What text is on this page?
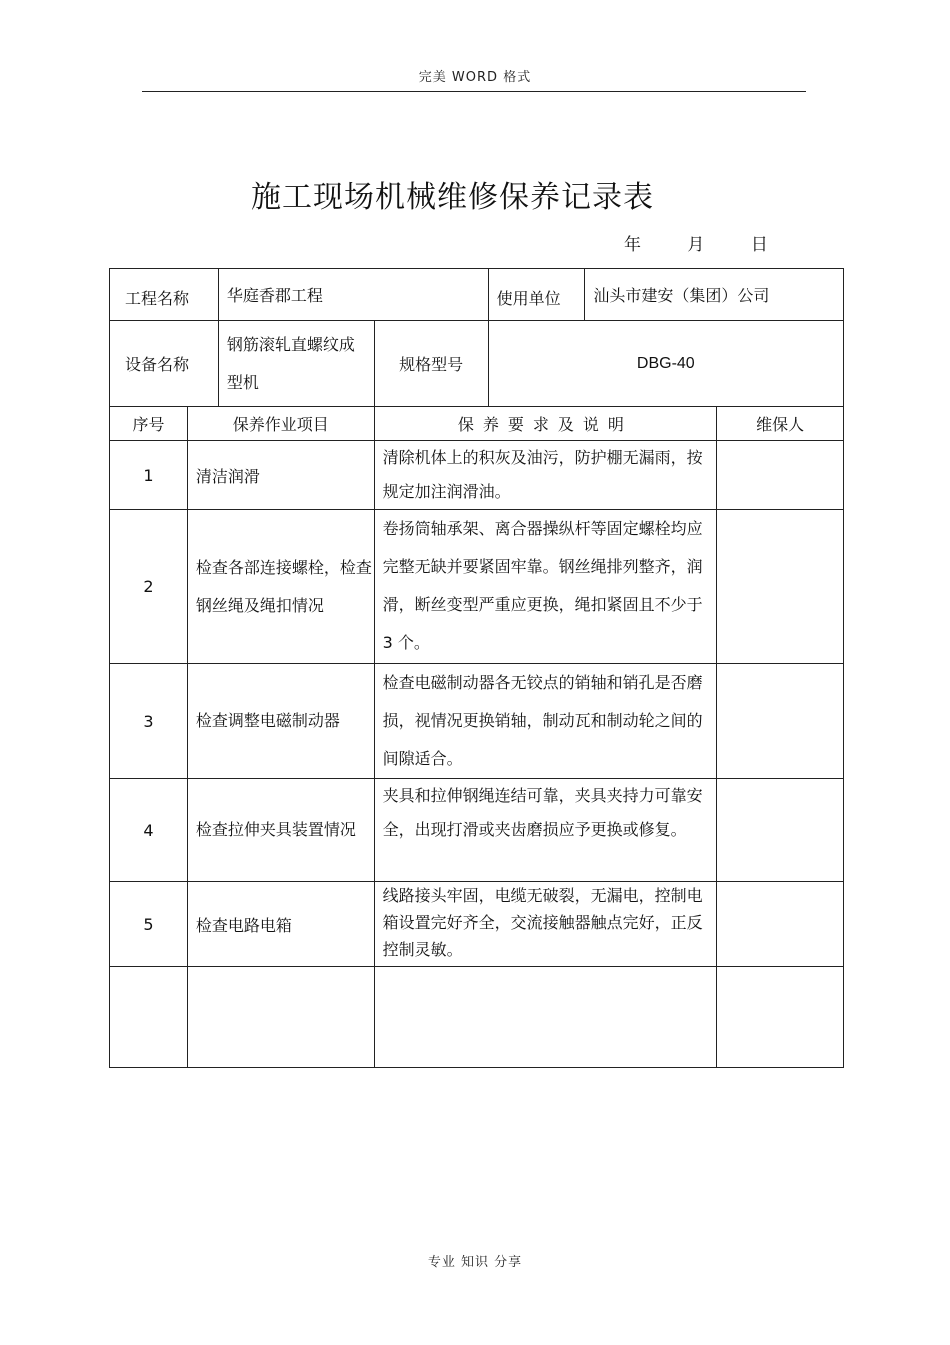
完美 WORD 格式
施工现场机械维修保养记录表
年	月	日
工程名称	华庭香郡工程		使用单位	汕头市建安（集团）公司
设备名称	钢筋滚轧直螺纹成型机	规格型号	DBG-40	
序号	保养作业项目	保养要求及说明	维保人
1	清洁润滑	清除机体上的积灰及油污，防护棚无漏雨，按规定加注润滑油。	
2	检查各部连接螺栓，检查钢丝绳及绳扣情况	卷扬筒轴承架、离合器操纵杆等固定螺栓均应完整无缺并要紧固牢靠。钢丝绳排列整齐，润滑，断丝变型严重应更换，绳扣紧固且不少于 3 个。	
3	检查调整电磁制动器	检查电磁制动器各无铰点的销轴和销孔是否磨损，视情况更换销轴，制动瓦和制动轮之间的间隙适合。	
4	检查拉伸夹具装置情况	夹具和拉伸钢绳连结可靠，夹具夹持力可靠安全，出现打滑或夹齿磨损应予更换或修复。	
5	检查电路电箱	线路接头牢固，电缆无破裂，无漏电，控制电箱设置完好齐全，交流接触器触点完好，正反控制灵敏。	

专业 知识 分享
